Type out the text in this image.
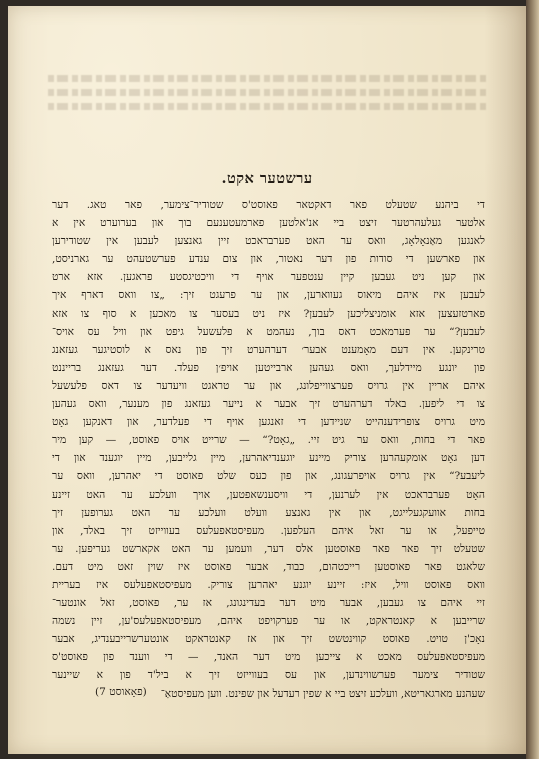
ערשטער אקט.
די ביהנע שטעלט פאר דאקטאר פאוסט'ס שטודיר־צימער, פאר טאג. דער
אלטער געלעהרטער זיצט ביי אנ'אלטען פארמעטענעם בוך און בערוערט אין א
לאנגען מאַנאָלאָג, וואס ער האט פערבראכט זיין גאנצען לעבען אין שטודירען
און פארשען די סודות פון דער נאטור, און צום ענדע פערשטעהט ער גארניסט,
און קען ניט געבען קיין ענטפער אויף די וויכטיגסטע פראגען. אזא ארט
לעבען איז איהם מיאוס געווארען, און ער פרעגט זיך: „צו וואס דארף איך
פארטזעצען אזא אומניצליכען לעבען? איז ניט בעסער צו מאכען א סוף צו אזא
לעבען?“ ער פערמאכט דאס בוך, נעהמט א פלעשעל גיפט און וויל עס אויס־
טרינקען. אין דעם מאָמענט אבער׳ דערהערט זיך פון נאס א לוסטיגער געזאנג
פון יונגע מיידלעך, וואס געהען ארבייטען אויפ׳ן פעלד. דער געזאנג ברייננט
איהם אריין אין גרויס פערצווייפלונג, און ער טראגט וויעדער צו דאס פלעשעל
צו די ליפען. באלד דערהערט זיך אבער א נייער געזאנג פון מענער, וואס געהען
מיט גרויס צופרידענהייט שניידען די זאנגען אויף די פעלדער, און דאנקען גאָט
פאר די בחות, וואס ער גיט זיי. „גאָט?“ — שרייט אויס פאוסט, — קען מיר
דען גאָט אומקעהרען צוריק מיינע יוגענדיאהרען, מיין גלייבען, מיין יוגענד און די
ליעבע?“ אין גרויס אויפרעגונג, און פון כעס שלט פאוסט די יאהרען, וואס ער
האָט פערבראכט אין לערנען, די וויסענשאפטען, אויך וועלכע ער האט זיינע
בחות אוועקגעלייגט, און אין גאנצע וועלט וועלכע ער האט גערופען זיך
טייפעל, או ער זאל איהם העלפען. מעפיסטאפעלעס בעווייזט זיך באלד, און
שטעלט זיך פאר פאר פאוסטען אלס דער, וועמען ער האט אקארשט געריפען. ער
שלאגט פאר פאוסטען רייכטהום, כבוד, אבער פאוסט איז שוין זאט מיט דעם.
וואס פאוסט וויל, איז: זיינע יוגנע יאהרען צוריק. מעפיסטאפעלעס איז בעריית
זיי איהם צו געבען, אבער מיט דער בעדינגונג, אז ער, פאוסט, זאל אונטער־
שרייבען א קאנטראקט, או ער פערקויפט איהם, מעפיסטאפעלעס'ען, זיין נשמה
נאָכ'ן טויט. פאוסט קווינטשט זיך און אז קאנטראקט אונטערשרייבענדיג, אבער
מעפיסטאפעלעס מאכט א צייכען מיט דער האנד, — די ווענד פון פאוסט'ס
שטודיר צימער פערשווינדען, און עס בעווייזט זיך א ביל'ד פון א שיינער
שעהנע מארגאריטא, וועלכע זיצט ביי א שפין רעדעל און שפינט. ווען מעפיסטאַ־
(פאָאוסט 7)
